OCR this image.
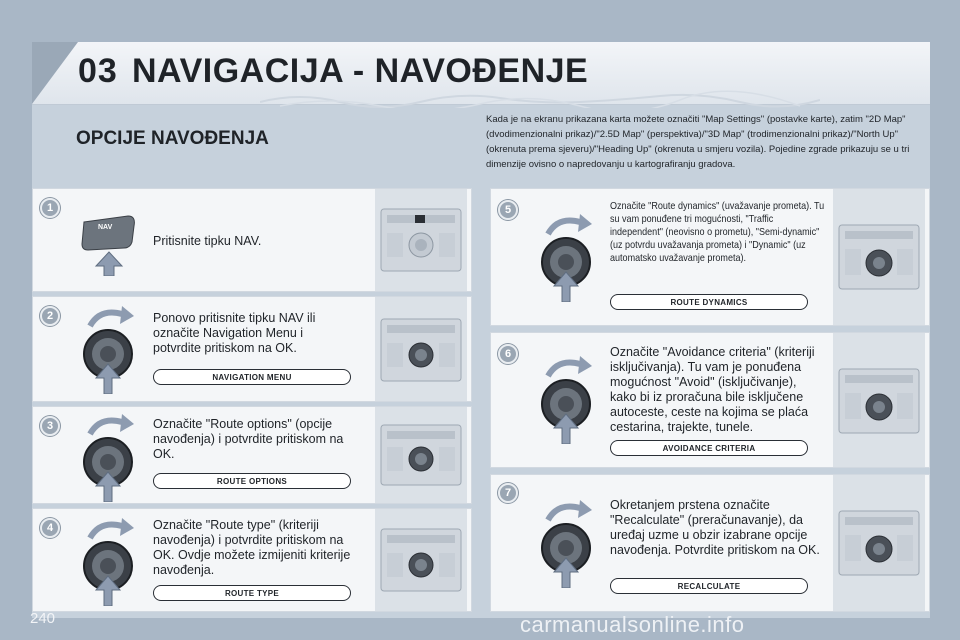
03 NAVIGACIJA - NAVOĐENJE
OPCIJE NAVOĐENJA
Kada je na ekranu prikazana karta možete označiti "Map Settings" (postavke karte), zatim "2D Map" (dvodimenzionalni prikaz)/"2.5D Map" (perspektiva)/"3D Map" (trodimenzionalni prikaz)/"North Up" (okrenuta prema sjeveru)/"Heading Up" (okrenuta u smjeru vozila). Pojedine zgrade prikazuju se u tri dimenzije ovisno o napredovanju u kartografiranju gradova.
1
NAV
Pritisnite tipku NAV.
2	Ponovo pritisnite tipku NAV ili označite Navigation Menu i potvrdite pritiskom na OK.
NAVIGATION MENU
3	Označite "Route options" (opcije navođenja) i potvrdite pritiskom na OK.
ROUTE OPTIONS
4	Označite "Route type" (kriteriji navođenja) i potvrdite pritiskom na OK. Ovdje možete izmijeniti kriterije navođenja.
ROUTE TYPE
5	Označite "Route dynamics" (uvažavanje prometa). Tu su vam ponuđene tri mogućnosti, "Traffic independent" (neovisno o prometu), "Semi-dynamic" (uz potvrdu uvažavanja prometa) i "Dynamic" (uz automatsko uvažavanje prometa).
ROUTE DYNAMICS
6	Označite "Avoidance criteria" (kriteriji isključivanja). Tu vam je ponuđena mogućnost "Avoid" (isključivanje), kako bi iz proračuna bile isključene autoceste, ceste na kojima se plaća cestarina, trajekte, tunele.
AVOIDANCE CRITERIA
7
Okretanjem prstena označite "Recalculate" (preračunavanje), da uređaj uzme u obzir izabrane opcije navođenja. Potvrdite pritiskom na OK.
RECALCULATE
240	carmanualsonline.info
